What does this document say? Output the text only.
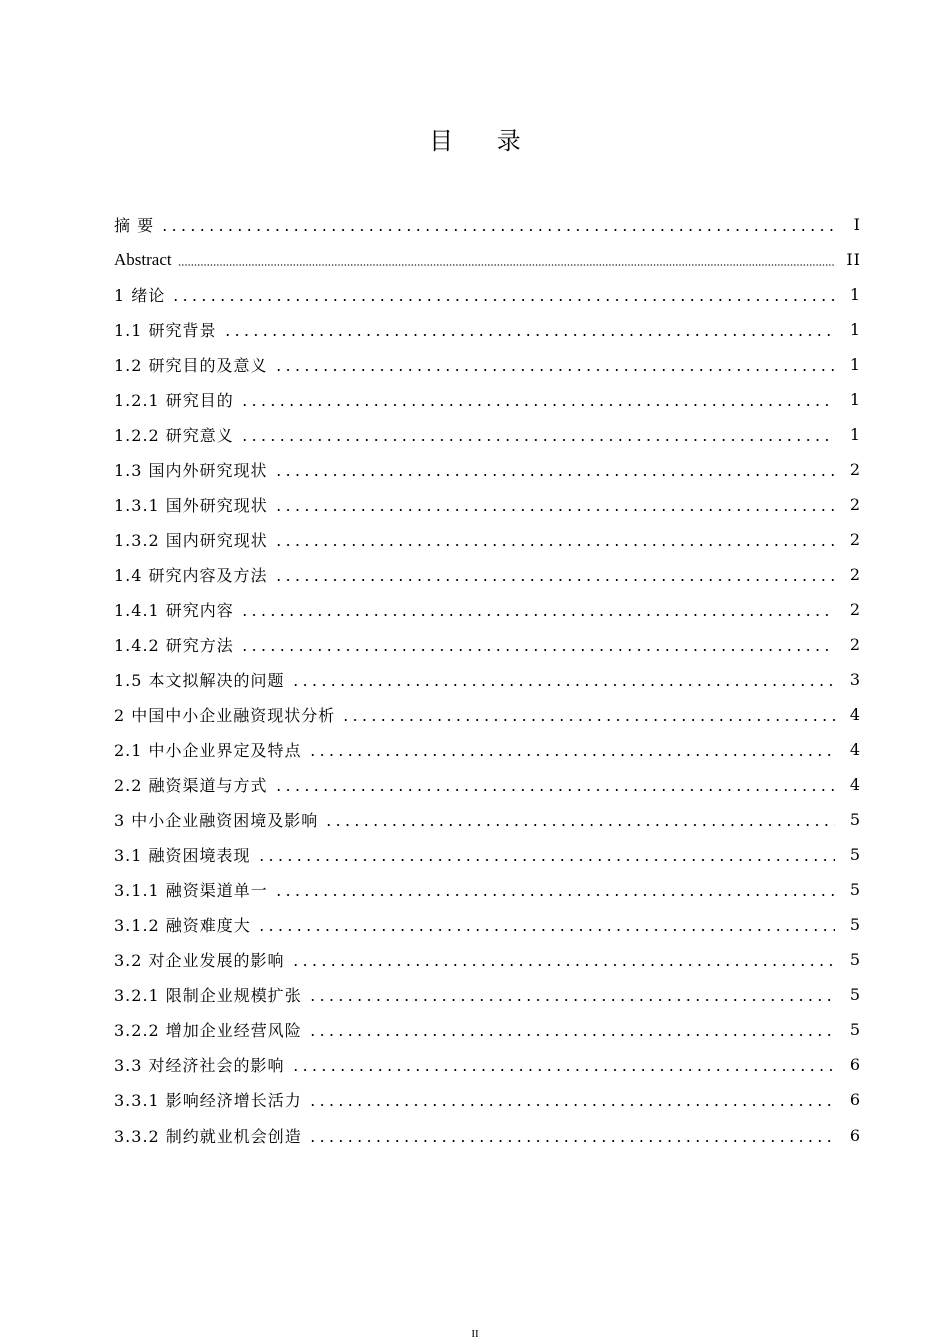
目 录
摘 要	I
Abstract	II
1 绪论	1
1.1 研究背景	1
1.2 研究目的及意义	1
1.2.1 研究目的	1
1.2.2 研究意义	1
1.3 国内外研究现状	2
1.3.1 国外研究现状	2
1.3.2 国内研究现状	2
1.4 研究内容及方法	2
1.4.1 研究内容	2
1.4.2 研究方法	2
1.5 本文拟解决的问题	3
2 中国中小企业融资现状分析	4
2.1 中小企业界定及特点	4
2.2 融资渠道与方式	4
3 中小企业融资困境及影响	5
3.1 融资困境表现	5
3.1.1 融资渠道单一	5
3.1.2 融资难度大	5
3.2 对企业发展的影响	5
3.2.1 限制企业规模扩张	5
3.2.2 增加企业经营风险	5
3.3 对经济社会的影响	6
3.3.1 影响经济增长活力	6
3.3.2 制约就业机会创造	6
II
